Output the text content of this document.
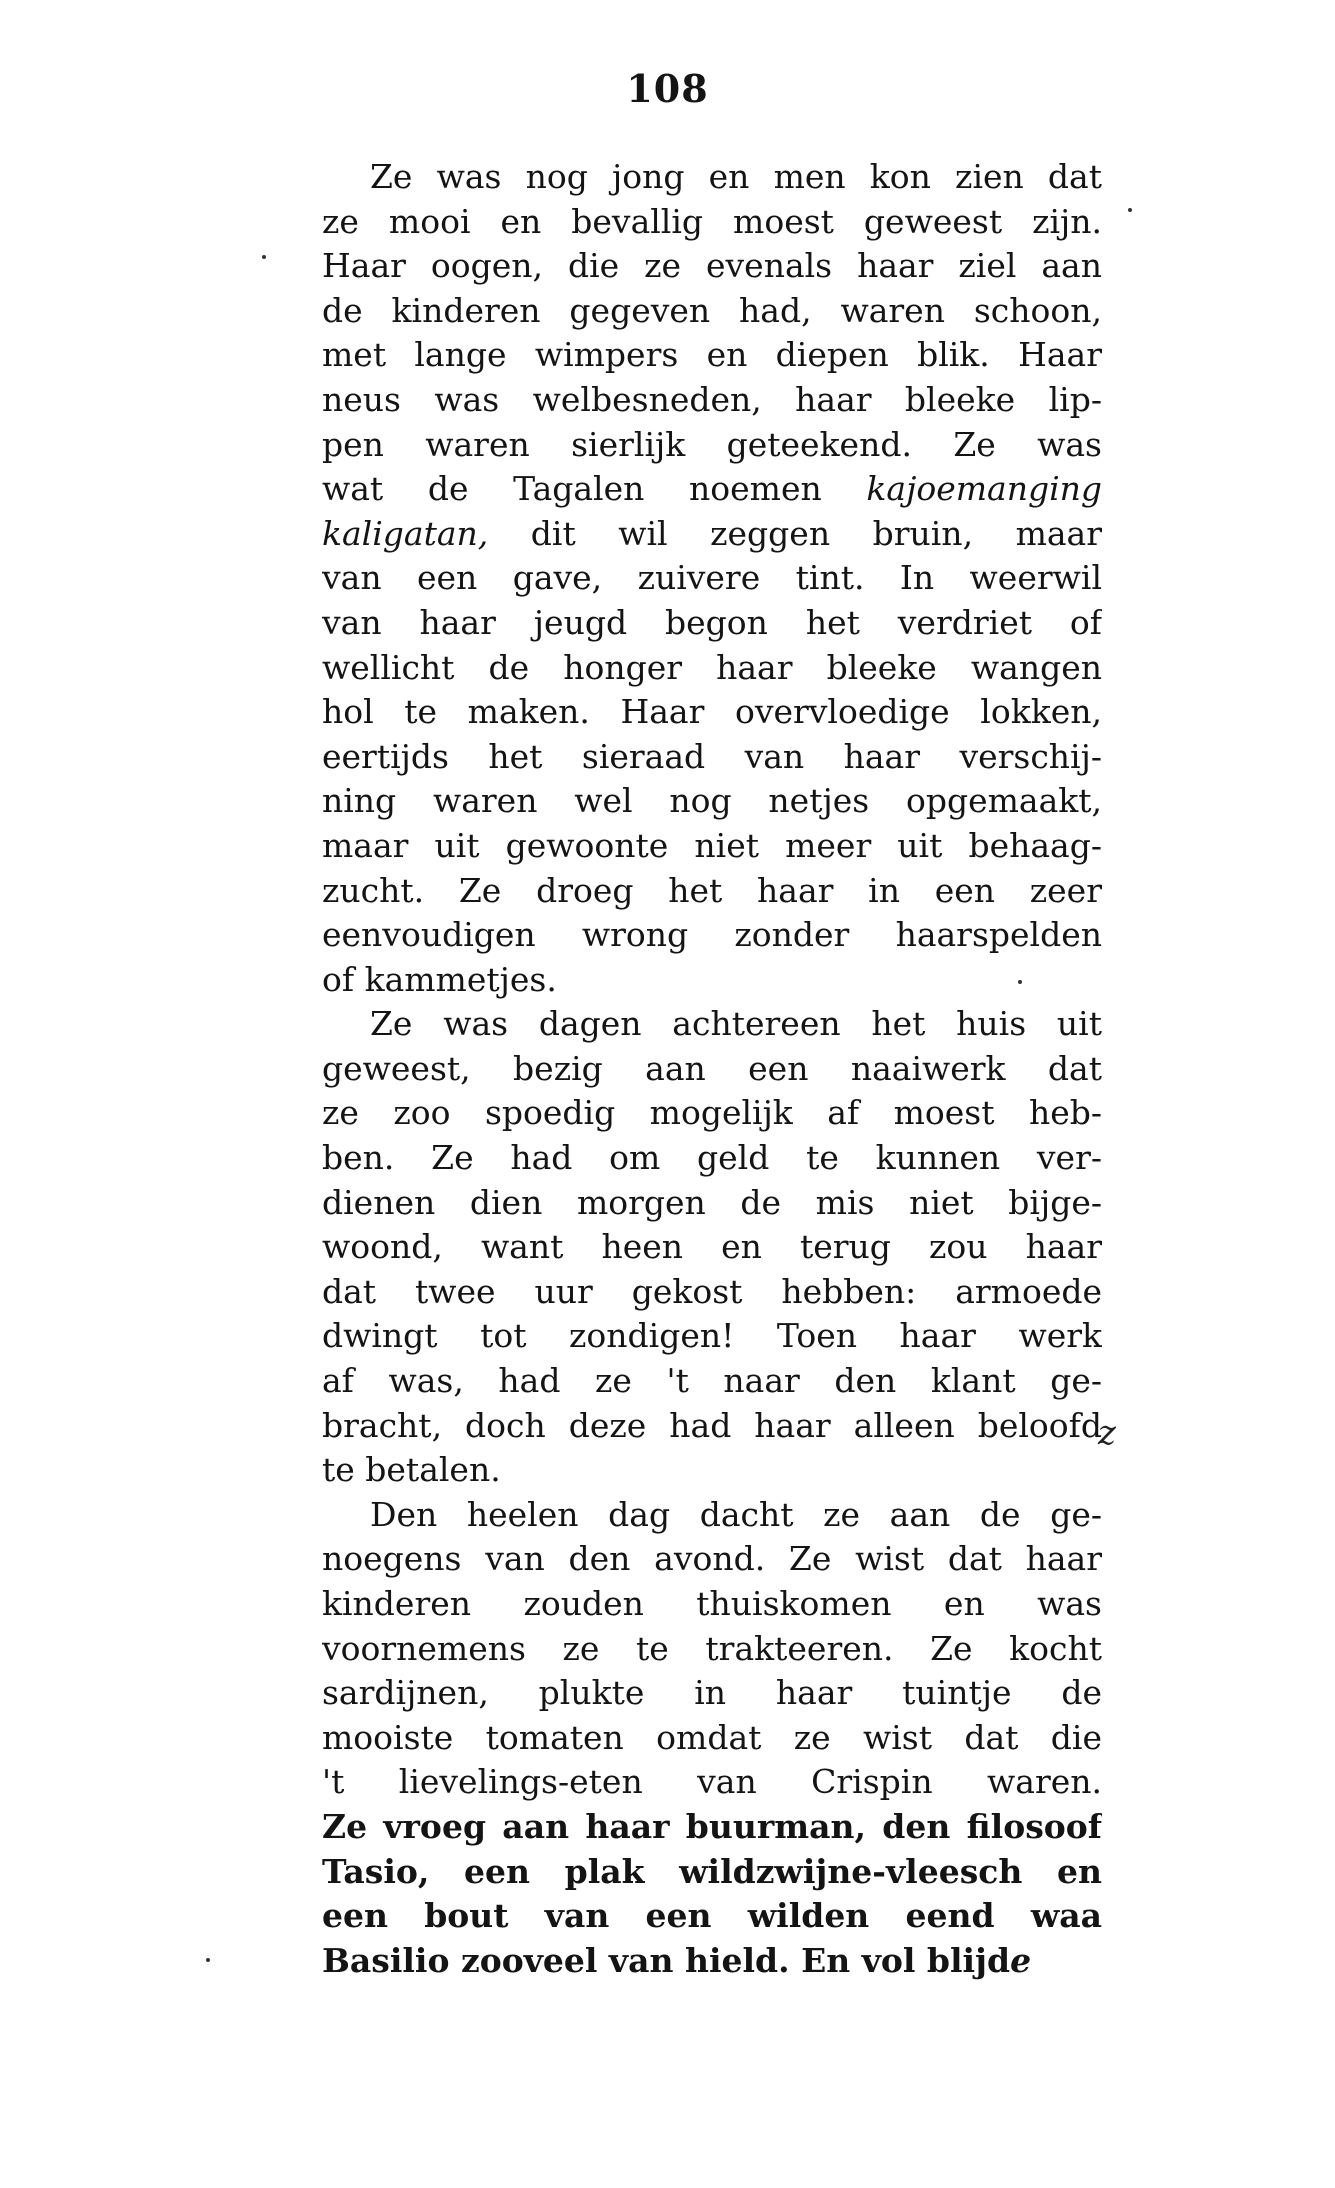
108
Ze was nog jong en men kon zien dat
ze mooi en bevallig moest geweest zijn.
Haar oogen, die ze evenals haar ziel aan
de kinderen gegeven had, waren schoon,
met lange wimpers en diepen blik. Haar
neus was welbesneden, haar bleeke lip-
pen waren sierlijk geteekend. Ze was
wat de Tagalen noemen kajoemanging
kaligatan, dit wil zeggen bruin, maar
van een gave, zuivere tint. In weerwil
van haar jeugd begon het verdriet of
wellicht de honger haar bleeke wangen
hol te maken. Haar overvloedige lokken,
eertijds het sieraad van haar verschij-
ning waren wel nog netjes opgemaakt,
maar uit gewoonte niet meer uit behaag-
zucht. Ze droeg het haar in een zeer
eenvoudigen wrong zonder haarspelden
of kammetjes.
Ze was dagen achtereen het huis uit
geweest, bezig aan een naaiwerk dat
ze zoo spoedig mogelijk af moest heb-
ben. Ze had om geld te kunnen ver-
dienen dien morgen de mis niet bijge-
woond, want heen en terug zou haar
dat twee uur gekost hebben: armoede
dwingt tot zondigen! Toen haar werk
af was, had ze 't naar den klant ge-
bracht, doch deze had haar alleen beloofd
te betalen.
Den heelen dag dacht ze aan de ge-
noegens van den avond. Ze wist dat haar
kinderen zouden thuiskomen en was
voornemens ze te trakteeren. Ze kocht
sardijnen, plukte in haar tuintje de
mooiste tomaten omdat ze wist dat die
't lievelings-eten van Crispin waren.
Ze vroeg aan haar buurman, den filosoof
Tasio, een plak wildzwijne-vleesch en
een bout van een wilden eend waa
Basilio zooveel van hield. En vol blijde
z
